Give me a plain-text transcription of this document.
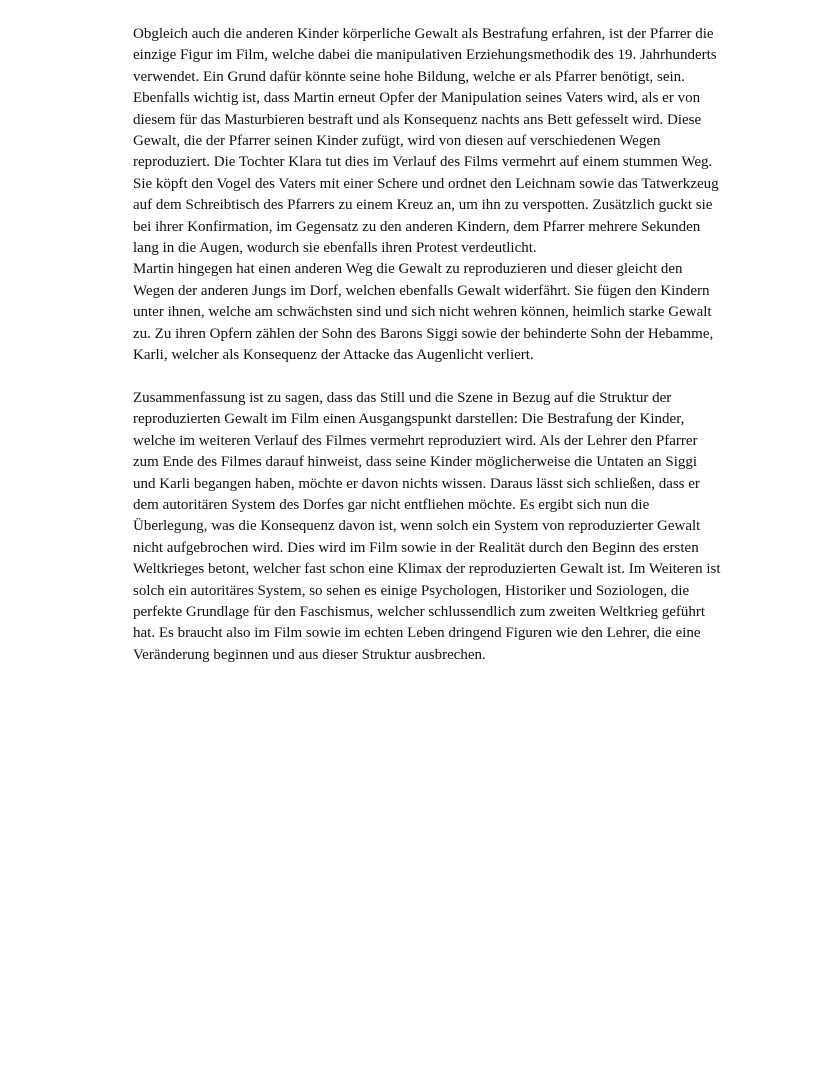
Obgleich auch die anderen Kinder körperliche Gewalt als Bestrafung erfahren, ist der Pfarrer die einzige Figur im Film, welche dabei die manipulativen Erziehungsmethodik des 19. Jahrhunderts verwendet. Ein Grund dafür könnte seine hohe Bildung, welche er als Pfarrer benötigt, sein.

Ebenfalls wichtig ist, dass Martin erneut Opfer der Manipulation seines Vaters wird, als er von diesem für das Masturbieren bestraft und als Konsequenz nachts ans Bett gefesselt wird. Diese Gewalt, die der Pfarrer seinen Kinder zufügt, wird von diesen auf verschiedenen Wegen reproduziert. Die Tochter Klara tut dies im Verlauf des Films vermehrt auf einem stummen Weg. Sie köpft den Vogel des Vaters mit einer Schere und ordnet den Leichnam sowie das Tatwerkzeug auf dem Schreibtisch des Pfarrers zu einem Kreuz an, um ihn zu verspotten. Zusätzlich guckt sie bei ihrer Konfirmation, im Gegensatz zu den anderen Kindern, dem Pfarrer mehrere Sekunden lang in die Augen, wodurch sie ebenfalls ihren Protest verdeutlicht.

Martin hingegen hat einen anderen Weg die Gewalt zu reproduzieren und dieser gleicht den Wegen der anderen Jungs im Dorf, welchen ebenfalls Gewalt widerfährt. Sie fügen den Kindern unter ihnen, welche am schwächsten sind und sich nicht wehren können, heimlich starke Gewalt zu. Zu ihren Opfern zählen der Sohn des Barons Siggi sowie der behinderte Sohn der Hebamme, Karli, welcher als Konsequenz der Attacke das Augenlicht verliert.

Zusammenfassung ist zu sagen, dass das Still und die Szene in Bezug auf die Struktur der reproduzierten Gewalt im Film einen Ausgangspunkt darstellen: Die Bestrafung der Kinder, welche im weiteren Verlauf des Filmes vermehrt reproduziert wird. Als der Lehrer den Pfarrer zum Ende des Filmes darauf hinweist, dass seine Kinder möglicherweise die Untaten an Siggi und Karli begangen haben, möchte er davon nichts wissen. Daraus lässt sich schließen, dass er dem autoritären System des Dorfes gar nicht entfliehen möchte. Es ergibt sich nun die Überlegung, was die Konsequenz davon ist, wenn solch ein System von reproduzierter Gewalt nicht aufgebrochen wird. Dies wird im Film sowie in der Realität durch den Beginn des ersten Weltkrieges betont, welcher fast schon eine Klimax der reproduzierten Gewalt ist. Im Weiteren ist solch ein autoritäres System, so sehen es einige Psychologen, Historiker und Soziologen, die perfekte Grundlage für den Faschismus, welcher schlussendlich zum zweiten Weltkrieg geführt hat. Es braucht also im Film sowie im echten Leben dringend Figuren wie den Lehrer, die eine Veränderung beginnen und aus dieser Struktur ausbrechen.
